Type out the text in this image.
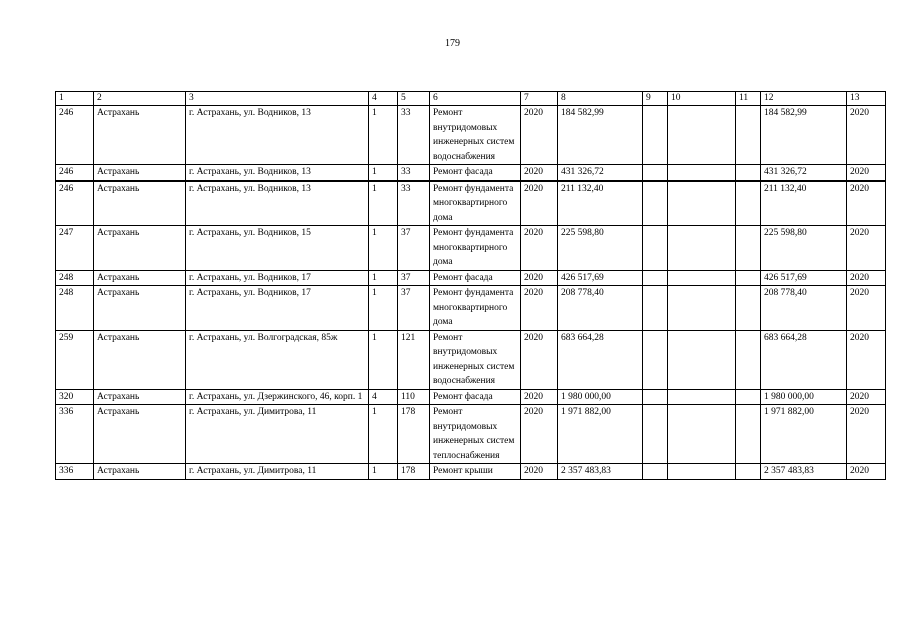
179
1	2	3	4	5	6	7	8	9	10	11	12	13
246	Астрахань	г. Астрахань, ул. Водников, 13	1	33	Ремонт внутридомовых инженерных систем водоснабжения	2020	184 582,99				184 582,99	2020
246	Астрахань	г. Астрахань, ул. Водников, 13	1	33	Ремонт фасада	2020	431 326,72				431 326,72	2020
246	Астрахань	г. Астрахань, ул. Водников, 13	1	33	Ремонт фундамента многоквартирного дома	2020	211 132,40				211 132,40	2020
247	Астрахань	г. Астрахань, ул. Водников, 15	1	37	Ремонт фундамента многоквартирного дома	2020	225 598,80				225 598,80	2020
248	Астрахань	г. Астрахань, ул. Водников, 17	1	37	Ремонт фасада	2020	426 517,69				426 517,69	2020
248	Астрахань	г. Астрахань, ул. Водников, 17	1	37	Ремонт фундамента многоквартирного дома	2020	208 778,40				208 778,40	2020
259	Астрахань	г. Астрахань, ул. Волгоградская, 85ж	1	121	Ремонт внутридомовых инженерных систем водоснабжения	2020	683 664,28				683 664,28	2020
320	Астрахань	г. Астрахань, ул. Дзержинского, 46, корп. 1	4	110	Ремонт фасада	2020	1 980 000,00				1 980 000,00	2020
336	Астрахань	г. Астрахань, ул. Димитрова, 11	1	178	Ремонт внутридомовых инженерных систем теплоснабжения	2020	1 971 882,00				1 971 882,00	2020
336	Астрахань	г. Астрахань, ул. Димитрова, 11	1	178	Ремонт крыши	2020	2 357 483,83				2 357 483,83	2020
